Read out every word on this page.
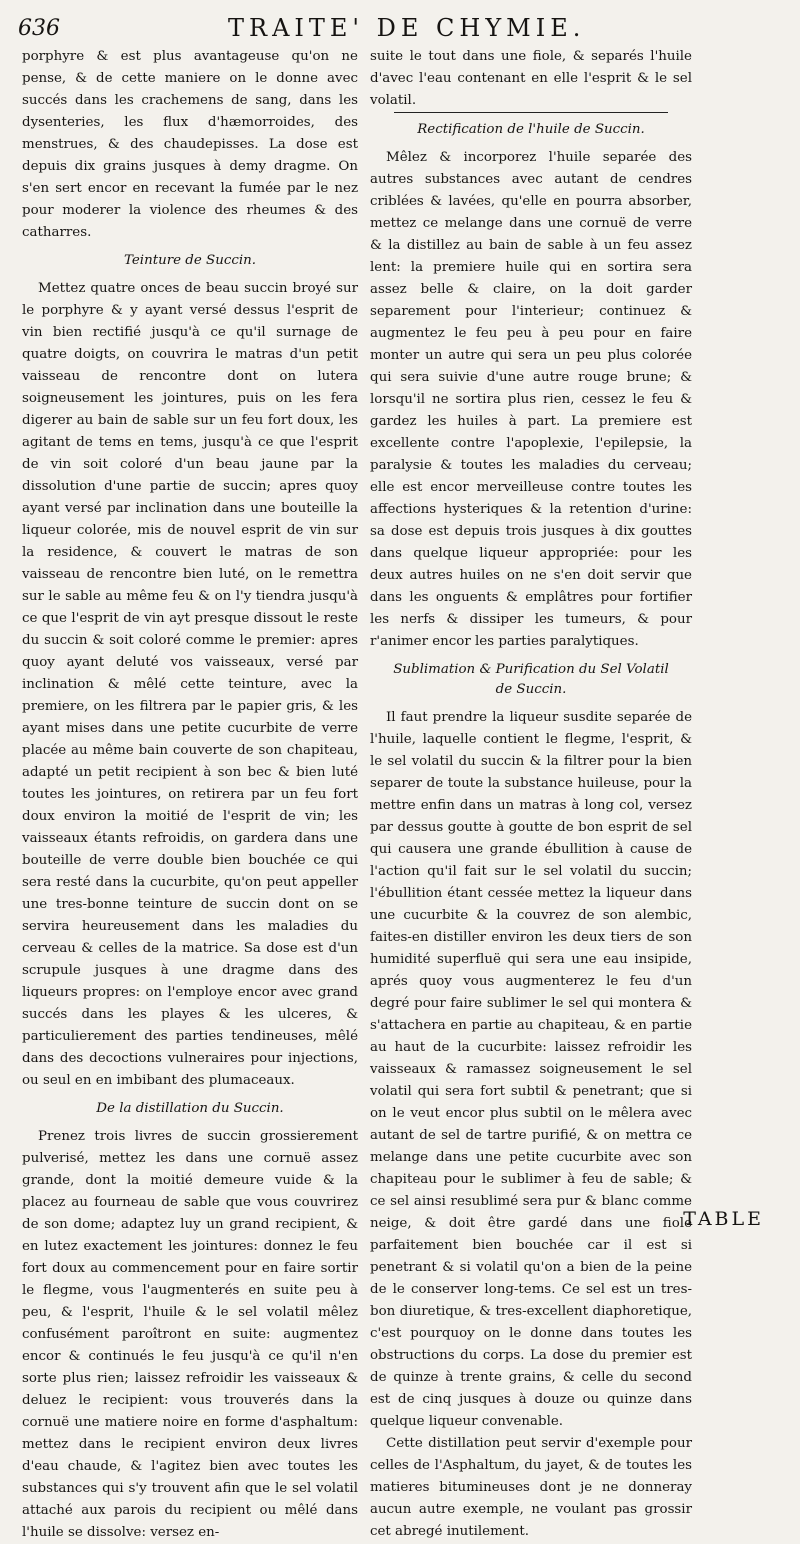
636	TRAITE' DE CHYMIE.

porphyre & est plus avantageuse qu'on ne pense, & de cette maniere on le donne avec succés dans les crachemens de sang, dans les dysenteries, les flux d'hæmorroides, des menstrues, & des chaudepisses. La dose est depuis dix grains jusques à demy dragme. On s'en sert encor en recevant la fumée par le nez pour moderer la violence des rheumes & des catharres.

Teinture de Succin.

Mettez quatre onces de beau succin broyé sur le porphyre & y ayant versé dessus l'esprit de vin bien rectifié jusqu'à ce qu'il surnage de quatre doigts, on couvrira le matras d'un petit vaisseau de rencontre dont on lutera soigneusement les jointures, puis on les fera digerer au bain de sable sur un feu fort doux, les agitant de tems en tems, jusqu'à ce que l'esprit de vin soit coloré d'un beau jaune par la dissolution d'une partie de succin; apres quoy ayant versé par inclination dans une bouteille la liqueur colorée, mis de nouvel esprit de vin sur la residence, & couvert le matras de son vaisseau de rencontre bien luté, on le remettra sur le sable au même feu & on l'y tiendra jusqu'à ce que l'esprit de vin ayt presque dissout le reste du succin & soit coloré comme le premier: apres quoy ayant deluté vos vaisseaux, versé par inclination & mêlé cette teinture, avec la premiere, on les filtrera par le papier gris, & les ayant mises dans une petite cucurbite de verre placée au même bain couverte de son chapiteau, adapté un petit recipient à son bec & bien luté toutes les jointures, on retirera par un feu fort doux environ la moitié de l'esprit de vin; les vaisseaux étants refroidis, on gardera dans une bouteille de verre double bien bouchée ce qui sera resté dans la cucurbite, qu'on peut appeller une tres-bonne teinture de succin dont on se servira heureusement dans les maladies du cerveau & celles de la matrice. Sa dose est d'un scrupule jusques à une dragme dans des liqueurs propres: on l'employe encor avec grand succés dans les playes & les ulceres, & particulierement des parties tendineuses, mêlé dans des decoctions vulneraires pour injections, ou seul en en imbibant des plumaceaux.

De la distillation du Succin.

Prenez trois livres de succin grossierement pulverisé, mettez les dans une cornuë assez grande, dont la moitié demeure vuide & la placez au fourneau de sable que vous couvrirez de son dome; adaptez luy un grand recipient, & en lutez exactement les jointures: donnez le feu fort doux au commencement pour en faire sortir le flegme, vous l'augmenterés en suite peu à peu, & l'esprit, l'huile & le sel volatil mêlez confusément paroîtront en suite: augmentez encor & continués le feu jusqu'à ce qu'il n'en sorte plus rien; laissez refroidir les vaisseaux & deluez le recipient: vous trouverés dans la cornuë une matiere noire en forme d'asphaltum: mettez dans le recipient environ deux livres d'eau chaude, & l'agitez bien avec toutes les substances qui s'y trouvent afin que le sel volatil attaché aux parois du recipient ou mêlé dans l'huile se dissolve: versez en-

suite le tout dans une fiole, & separés l'huile d'avec l'eau contenant en elle l'esprit & le sel volatil.

Rectification de l'huile de Succin.

Mêlez & incorporez l'huile separée des autres substances avec autant de cendres criblées & lavées, qu'elle en pourra absorber, mettez ce melange dans une cornuë de verre & la distillez au bain de sable à un feu assez lent: la premiere huile qui en sortira sera assez belle & claire, on la doit garder separement pour l'interieur; continuez & augmentez le feu peu à peu pour en faire monter un autre qui sera un peu plus colorée qui sera suivie d'une autre rouge brune; & lorsqu'il ne sortira plus rien, cessez le feu & gardez les huiles à part. La premiere est excellente contre l'apoplexie, l'epilepsie, la paralysie & toutes les maladies du cerveau; elle est encor merveilleuse contre toutes les affections hysteriques & la retention d'urine: sa dose est depuis trois jusques à dix gouttes dans quelque liqueur appropriée: pour les deux autres huiles on ne s'en doit servir que dans les onguents & emplâtres pour fortifier les nerfs & dissiper les tumeurs, & pour r'animer encor les parties paralytiques.

Sublimation & Purification du Sel Volatil
de Succin.

Il faut prendre la liqueur susdite separée de l'huile, laquelle contient le flegme, l'esprit, & le sel volatil du succin & la filtrer pour la bien separer de toute la substance huileuse, pour la mettre enfin dans un matras à long col, versez par dessus goutte à goutte de bon esprit de sel qui causera une grande ébullition à cause de l'action qu'il fait sur le sel volatil du succin; l'ébullition étant cessée mettez la liqueur dans une cucurbite & la couvrez de son alembic, faites-en distiller environ les deux tiers de son humidité superfluë qui sera une eau insipide, aprés quoy vous augmenterez le feu d'un degré pour faire sublimer le sel qui montera & s'attachera en partie au chapiteau, & en partie au haut de la cucurbite: laissez refroidir les vaisseaux & ramassez soigneusement le sel volatil qui sera fort subtil & penetrant; que si on le veut encor plus subtil on le mêlera avec autant de sel de tartre purifié, & on mettra ce melange dans une petite cucurbite avec son chapiteau pour le sublimer à feu de sable; & ce sel ainsi resublimé sera pur & blanc comme neige, & doit être gardé dans une fiole parfaitement bien bouchée car il est si penetrant & si volatil qu'on a bien de la peine de le conserver long-tems. Ce sel est un tres-bon diuretique, & tres-excellent diaphoretique, c'est pourquoy on le donne dans toutes les obstructions du corps. La dose du premier est de quinze à trente grains, & celle du second est de cinq jusques à douze ou quinze dans quelque liqueur convenable.

Cette distillation peut servir d'exemple pour celles de l'Asphaltum, du jayet, & de toutes les matieres bitumineuses dont je ne donneray aucun autre exemple, ne voulant pas grossir cet abregé inutilement.

TABLE
